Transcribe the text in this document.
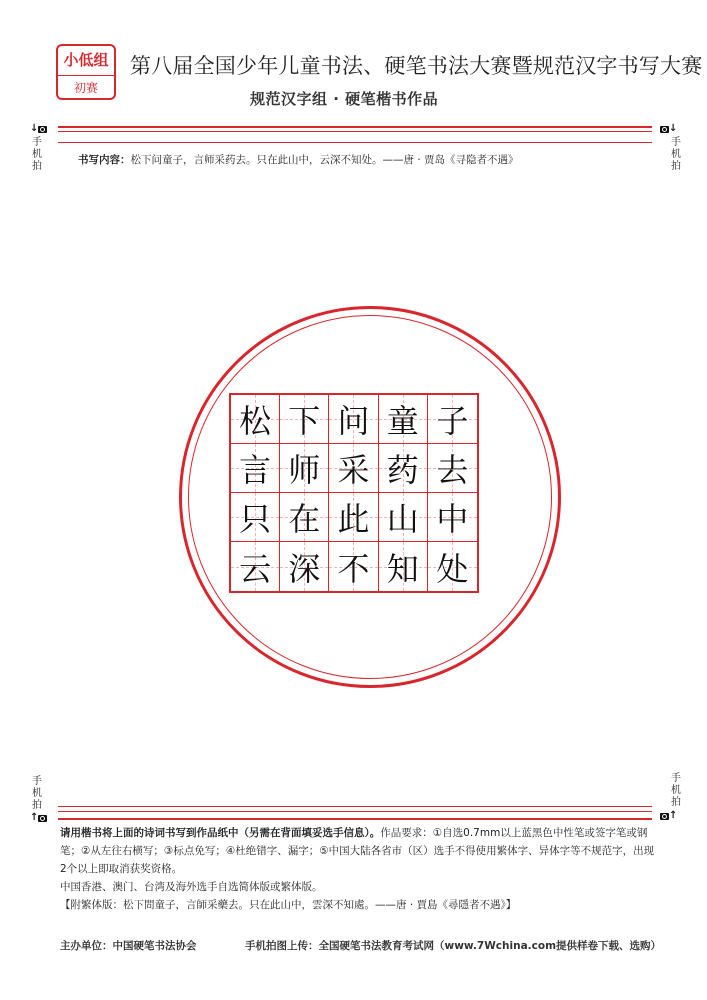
小低组
初赛
第八届全国少年儿童书法、硬笔书法大赛暨规范汉字书写大赛
规范汉字组 · 硬笔楷书作品
↓
手机拍
↓
手机拍
书写内容：松下问童子，言师采药去。只在此山中，云深不知处。——唐 · 贾岛《寻隐者不遇》
松 下 问 童 子
言 师 采 药 去
只 在 此 山 中
云 深 不 知 处
手机拍
↑
手机拍
↑

请用楷书将上面的诗词书写到作品纸中（另需在背面填妥选手信息）。作品要求：①自选0.7mm以上蓝黑色中性笔或签字笔或钢笔；②从左往右横写；③标点免写；④杜绝错字、漏字；⑤中国大陆各省市（区）选手不得使用繁体字、异体字等不规范字，出现2个以上即取消获奖资格。

中国香港、澳门、台湾及海外选手自选简体版或繁体版。

【附繁体版：松下問童子，言師采藥去。只在此山中，雲深不知處。——唐 · 賈島《尋隱者不遇》】

主办单位：中国硬笔书法协会	手机拍图上传：全国硬笔书法教育考试网（www.7Wchina.com提供样卷下载、选购）
